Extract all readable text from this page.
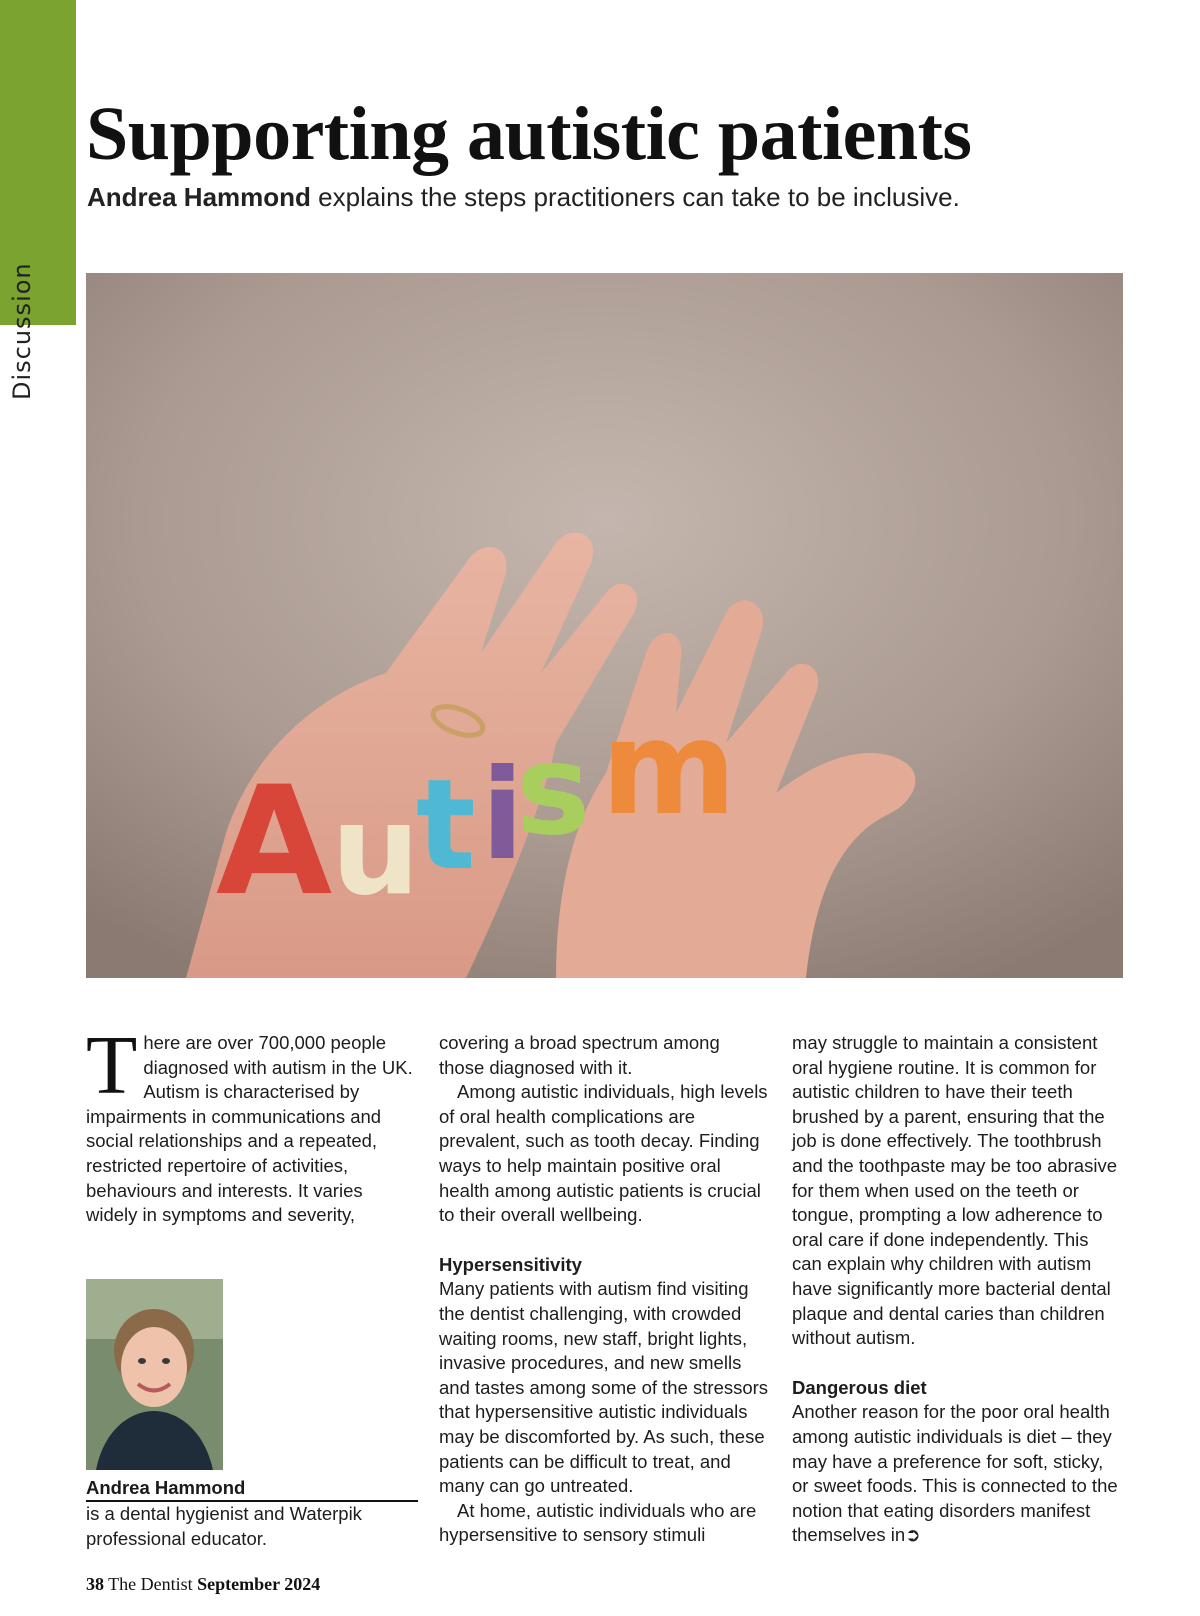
Discussion
Supporting autistic patients

Andrea Hammond explains the steps practitioners can take to be inclusive.

A
u
t i
s m

There are over 700,000 people diagnosed with autism in the UK. Autism is characterised by impairments in communications and social relationships and a repeated, restricted repertoire of activities, behaviours and interests. It varies widely in symptoms and severity,

Andrea Hammond
is a dental hygienist and Waterpik professional educator.

covering a broad spectrum among those diagnosed with it.

Among autistic individuals, high levels of oral health complications are prevalent, such as tooth decay. Finding ways to help maintain positive oral health among autistic patients is crucial to their overall wellbeing.

Hypersensitivity

Many patients with autism find visiting the dentist challenging, with crowded waiting rooms, new staff, bright lights, invasive procedures, and new smells and tastes among some of the stressors that hypersensitive autistic individuals may be discomforted by. As such, these patients can be difficult to treat, and many can go untreated.

At home, autistic individuals who are hypersensitive to sensory stimuli

may struggle to maintain a consistent oral hygiene routine. It is common for autistic children to have their teeth brushed by a parent, ensuring that the job is done effectively. The toothbrush and the toothpaste may be too abrasive for them when used on the teeth or tongue, prompting a low adherence to oral care if done independently. This can explain why children with autism have significantly more bacterial dental plaque and dental caries than children without autism.

Dangerous diet

Another reason for the poor oral health among autistic individuals is diet – they may have a preference for soft, sticky, or sweet foods. This is connected to the notion that eating disorders manifest themselves in➲

38 The Dentist September 2024
